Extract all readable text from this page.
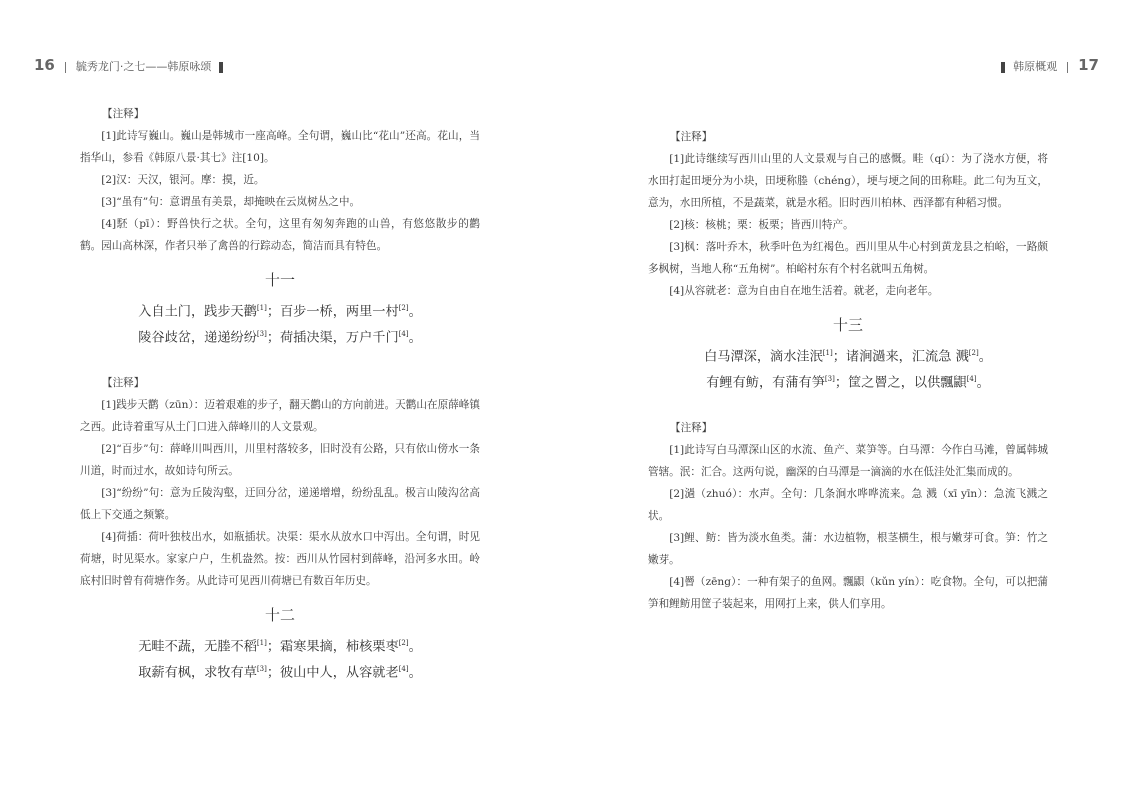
16 毓秀龙门·之七——韩原咏颂

【注释】

[1]此诗写巍山。巍山是韩城市一座高峰。全句谓，巍山比“花山”还高。花山，当指华山，参看《韩原八景·其七》注[10]。

[2]汉：天汉，银河。摩：摸，近。

[3]“虽有”句：意谓虽有美景，却掩映在云岚树丛之中。

[4]駓（pī）：野兽快行之状。全句，这里有匆匆奔跑的山兽，有悠悠散步的鹳鹤。园山高林深，作者只举了禽兽的行踪动态，简洁而具有特色。

十一

入自土门，践步天鹳[1]；百步一桥，两里一村[2]。

陵谷歧岔，递递纷纷[3]；荷插决渠，万户千门[4]。

【注释】

[1]践步天鹳（zūn）：迈着艰难的步子，翻天鹳山的方向前进。天鹳山在原薛峰镇之西。此诗着重写从土门口进入薛峰川的人文景观。

[2]“百步”句：薛峰川叫西川，川里村落较多，旧时没有公路，只有依山傍水一条川道，时而过水，故如诗句所云。

[3]“纷纷”句：意为丘陵沟壑，迂回分岔，递递增增，纷纷乱乱。极言山陵沟岔高低上下交通之频繁。

[4]荷插：荷叶独枝出水，如瓶插状。决渠：渠水从放水口中泻出。全句谓，时见荷塘，时见渠水。家家户户，生机盎然。按：西川从竹园村到薛峰，沿河多水田。岭底村旧时曾有荷塘作务。从此诗可见西川荷塘已有数百年历史。

十二

无畦不蔬，无塍不稻[1]；霜寒果摘，柿核栗枣[2]。

取薪有枫，求牧有草[3]；彼山中人，从容就老[4]。

韩原概观 17

【注释】

[1]此诗继续写西川山里的人文景观与自己的感慨。畦（qí）：为了浇水方便，将水田打起田埂分为小块，田埂称塍（chéng），埂与埂之间的田称畦。此二句为互文，意为，水田所植，不是蔬菜，就是水稻。旧时西川柏林、西泽都有种稻习惯。

[2]核：核桃；栗：板栗；皆西川特产。

[3]枫：落叶乔木，秋季叶色为红褐色。西川里从牛心村到黄龙县之柏峪，一路颇多枫树，当地人称“五角树”。柏峪村东有个村名就叫五角树。

[4]从容就老：意为自由自在地生活着。就老，走向老年。

十三

白马潭深，滴水洼泯[1]；诸涧濄来，汇流急 溅[2]。

有鲤有鲂，有蒲有笋[3]；筐之罾之，以供飄鼰[4]。

【注释】

[1]此诗写白马潭深山区的水流、鱼产、菜笋等。白马潭：今作白马滩，曾属韩城管辖。泯：汇合。这两句说，幽深的白马潭是一滴滴的水在低洼处汇集而成的。

[2]濄（zhuó）：水声。全句：几条涧水哗哗流来。急 溅（xī yīn）：急流飞溅之状。

[3]鲤、鲂：皆为淡水鱼类。蒲：水边植物，根茎横生，根与嫩芽可食。笋：竹之嫩芽。

[4]罾（zēng）：一种有架子的鱼网。飄鼰（kǔn yín）：吃食物。全句，可以把蒲笋和鲤鲂用筐子装起来，用网打上来，供人们享用。
